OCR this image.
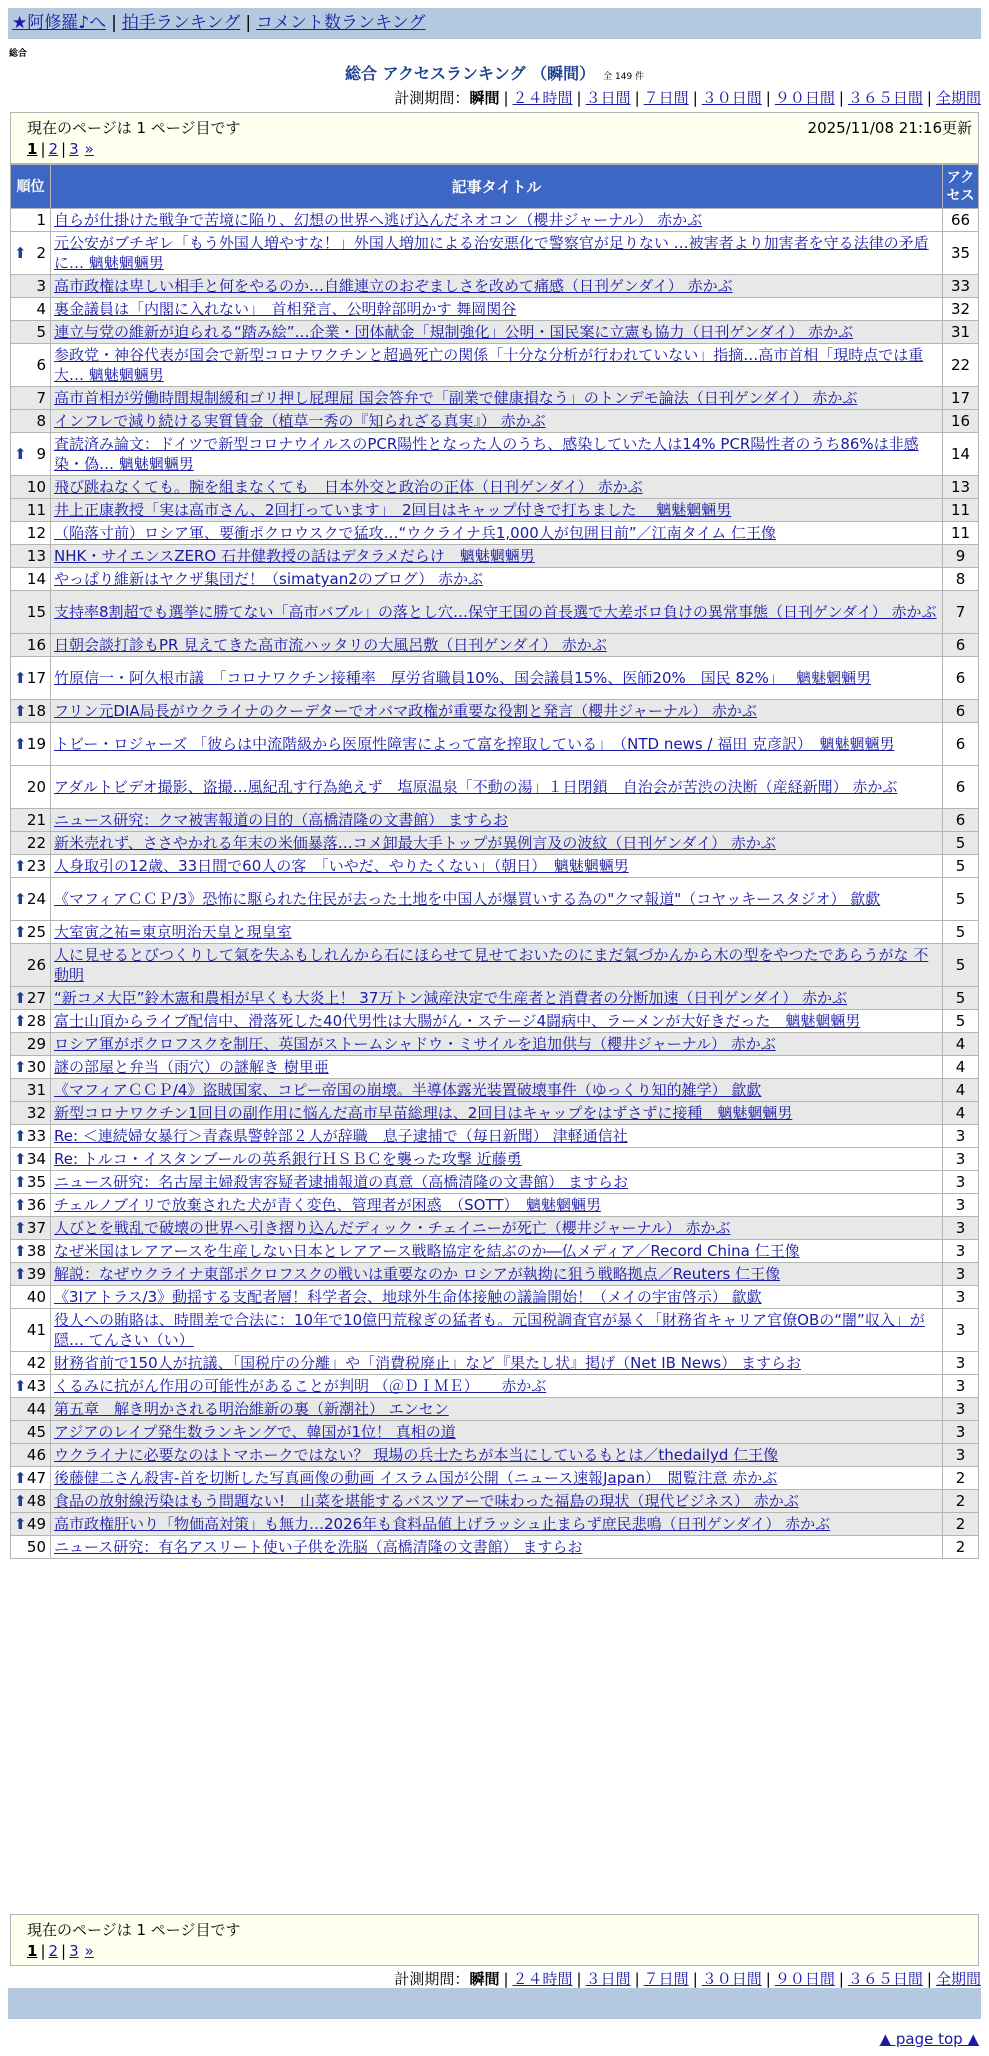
★阿修羅♪へ | 拍手ランキング | コメント数ランキング
総合
総合 アクセスランキング （瞬間） 全 149 件
計測期間：瞬間 | ２４時間 | ３日間 | ７日間 | ３０日間 | ９０日間 | ３６５日間 | 全期間
現在のページは 1 ページ目です	2025/11/08 21:16更新
1 | 2 | 3 »
順位	記事タイトル	アクセス
1	自らが仕掛けた戦争で苦境に陥り、幻想の世界へ逃げ込んだネオコン（櫻井ジャーナル） 赤かぶ	66

⬆ 2	元公安がブチギレ「もう外国人増やすな！」外国人増加による治安悪化で警察官が足りない …被害者より加害者を守る法律の矛盾に… 魑魅魍魎男	35
3	高市政権は卑しい相手と何をやるのか…自維連立のおぞましさを改めて痛感（日刊ゲンダイ） 赤かぶ	33
4	裏金議員は「内閣に入れない」　首相発言、公明幹部明かす 舞岡関谷	32
5	連立与党の維新が迫られる“踏み絵”…企業・団体献金「規制強化」公明・国民案に立憲も協力（日刊ゲンダイ） 赤かぶ	31
6	参政党・神谷代表が国会で新型コロナワクチンと超過死亡の関係「十分な分析が行われていない」指摘…高市首相「現時点では重大… 魑魅魍魎男	22
7	高市首相が労働時間規制緩和ゴリ押し屁理屈 国会答弁で「副業で健康損なう」のトンデモ論法（日刊ゲンダイ） 赤かぶ	17
8	インフレで減り続ける実質賃金（植草一秀の『知られざる真実』） 赤かぶ	16

⬆ 9	査読済み論文：ドイツで新型コロナウイルスのPCR陽性となった人のうち、感染していた人は14% PCR陽性者のうち86%は非感染・偽… 魑魅魍魎男	14
10	飛び跳ねなくても。腕を組まなくても　日本外交と政治の正体（日刊ゲンダイ） 赤かぶ	13
11	井上正康教授「実は高市さん、2回打っています」　2回目はキャップ付きで打ちました　 魑魅魍魎男	11
12	（陥落寸前）ロシア軍、要衝ポクロウスクで猛攻…“ウクライナ兵1,000人が包囲目前”／江南タイム 仁王像	11
13	NHK・サイエンスZERO 石井健教授の話はデタラメだらけ　魑魅魍魎男	9
14	やっぱり維新はヤクザ集団だ！（simatyan2のブログ） 赤かぶ	8
15	支持率8割超でも選挙に勝てない「高市バブル」の落とし穴…保守王国の首長選で大差ボロ負けの異常事態（日刊ゲンダイ） 赤かぶ	7
16	日朝会談打診もPR 見えてきた高市流ハッタリの大風呂敷（日刊ゲンダイ） 赤かぶ	6

⬆ 17	竹原信一・阿久根市議　「コロナワクチン接種率　厚労省職員10%、国会議員15%、医師20%　国民 82%」　 魑魅魍魎男	6

⬆ 18	フリン元DIA局長がウクライナのクーデターでオバマ政権が重要な役割と発言（櫻井ジャーナル） 赤かぶ	6

⬆ 19	トビー・ロジャーズ 「彼らは中流階級から医原性障害によって富を搾取している」　（NTD news / 福田 克彦訳）　魑魅魍魎男	6
20	アダルトビデオ撮影、盗撮…風紀乱す行為絶えず　塩原温泉「不動の湯」１日閉鎖　自治会が苦渋の決断（産経新聞） 赤かぶ	6
21	ニュース研究：クマ被害報道の目的（高橋清隆の文書館） ますらお	6
22	新米売れず、ささやかれる年末の米価暴落…コメ卸最大手トップが異例言及の波紋（日刊ゲンダイ） 赤かぶ	5

⬆ 23	人身取引の12歳、33日間で60人の客　「いやだ、やりたくない」（朝日）　魑魅魍魎男	5

⬆ 24	《マフィアＣＣＰ/3》恐怖に駆られた住民が去った土地を中国人が爆買いする為の"クマ報道"（コヤッキースタジオ） 歙歔	5

⬆ 25	大室寅之祐=東京明治天皇と現皇室	5
26	人に見せるとびつくりして氣を失ふもしれんから石にほらせて見せておいたのにまだ氣づかんから木の型をやつたであらうがな 不動明	5

⬆ 27	“新コメ大臣”鈴木憲和農相が早くも大炎上！ 37万トン減産決定で生産者と消費者の分断加速（日刊ゲンダイ） 赤かぶ	5

⬆ 28	富士山頂からライブ配信中、滑落死した40代男性は大腸がん・ステージ4闘病中、ラーメンが大好きだった　魑魅魍魎男	5
29	ロシア軍がポクロフスクを制圧、英国がストームシャドウ・ミサイルを追加供与（櫻井ジャーナル） 赤かぶ	4

⬆ 30	謎の部屋と弁当（雨穴）の謎解き 樹里亜	4
31	《マフィアＣＣＰ/4》盗賊国家、コピー帝国の崩壊。半導体露光装置破壊事件（ゆっくり知的雑学） 歙歔	4
32	新型コロナワクチン1回目の副作用に悩んだ高市早苗総理は、2回目はキャップをはずさずに接種　魑魅魍魎男	4

⬆ 33	Re: ＜連続婦女暴行＞青森県警幹部２人が辞職　息子逮捕で（毎日新聞） 津軽通信社	3

⬆ 34	Re: トルコ・イスタンブールの英系銀行ＨＳＢＣを襲った攻撃 近藤勇	3

⬆ 35	ニュース研究：名古屋主婦殺害容疑者逮捕報道の真意（高橋清隆の文書館） ますらお	3

⬆ 36	チェルノブイリで放棄された犬が青く変色、管理者が困惑　（SOTT）　魑魅魍魎男	3

⬆ 37	人びとを戦乱で破壊の世界へ引き摺り込んだディック・チェイニーが死亡（櫻井ジャーナル） 赤かぶ	3

⬆ 38	なぜ米国はレアアースを生産しない日本とレアアース戦略協定を結ぶのか―仏メディア／Record China 仁王像	3

⬆ 39	解説：なぜウクライナ東部ポクロフスクの戦いは重要なのか ロシアが執拗に狙う戦略拠点／Reuters 仁王像	3
40	《3Iアトラス/3》動揺する支配者層！科学者会、地球外生命体接触の議論開始！（メイの宇宙啓示） 歙歔	3
41	役人への賄賂は、時間差で合法に：10年で10億円荒稼ぎの猛者も。元国税調査官が暴く「財務省キャリア官僚OBの“闇”収入」が隠… てんさい（い）	3
42	財務省前で150人が抗議、「国税庁の分離」や「消費税廃止」など『果たし状』掲げ（Net IB News） ますらお	3

⬆ 43	くるみに抗がん作用の可能性があることが判明 （＠ＤＩＭＥ）　　赤かぶ	3
44	第五章　解き明かされる明治維新の裏（新潮社） エンセン	3
45	アジアのレイプ発生数ランキングで、韓国が1位！ 真相の道	3
46	ウクライナに必要なのはトマホークではない？ 現場の兵士たちが本当にしているもとは／thedailyd 仁王像	3

⬆ 47	後藤健二さん殺害-首を切断した写真画像の動画 イスラム国が公開（ニュース速報Japan）　閲覧注意 赤かぶ	2

⬆ 48	食品の放射線汚染はもう問題ない!　山菜を堪能するバスツアーで味わった福島の現状（現代ビジネス） 赤かぶ	2

⬆ 49	高市政権肝いり「物価高対策」も無力…2026年も食料品値上げラッシュ止まらず庶民悲鳴（日刊ゲンダイ） 赤かぶ	2
50	ニュース研究：有名アスリート使い子供を洗脳（高橋清隆の文書館） ますらお	2
現在のページは 1 ページ目です
1 | 2 | 3 »
計測期間：瞬間 | ２４時間 | ３日間 | ７日間 | ３０日間 | ９０日間 | ３６５日間 | 全期間
▲ page top ▲
